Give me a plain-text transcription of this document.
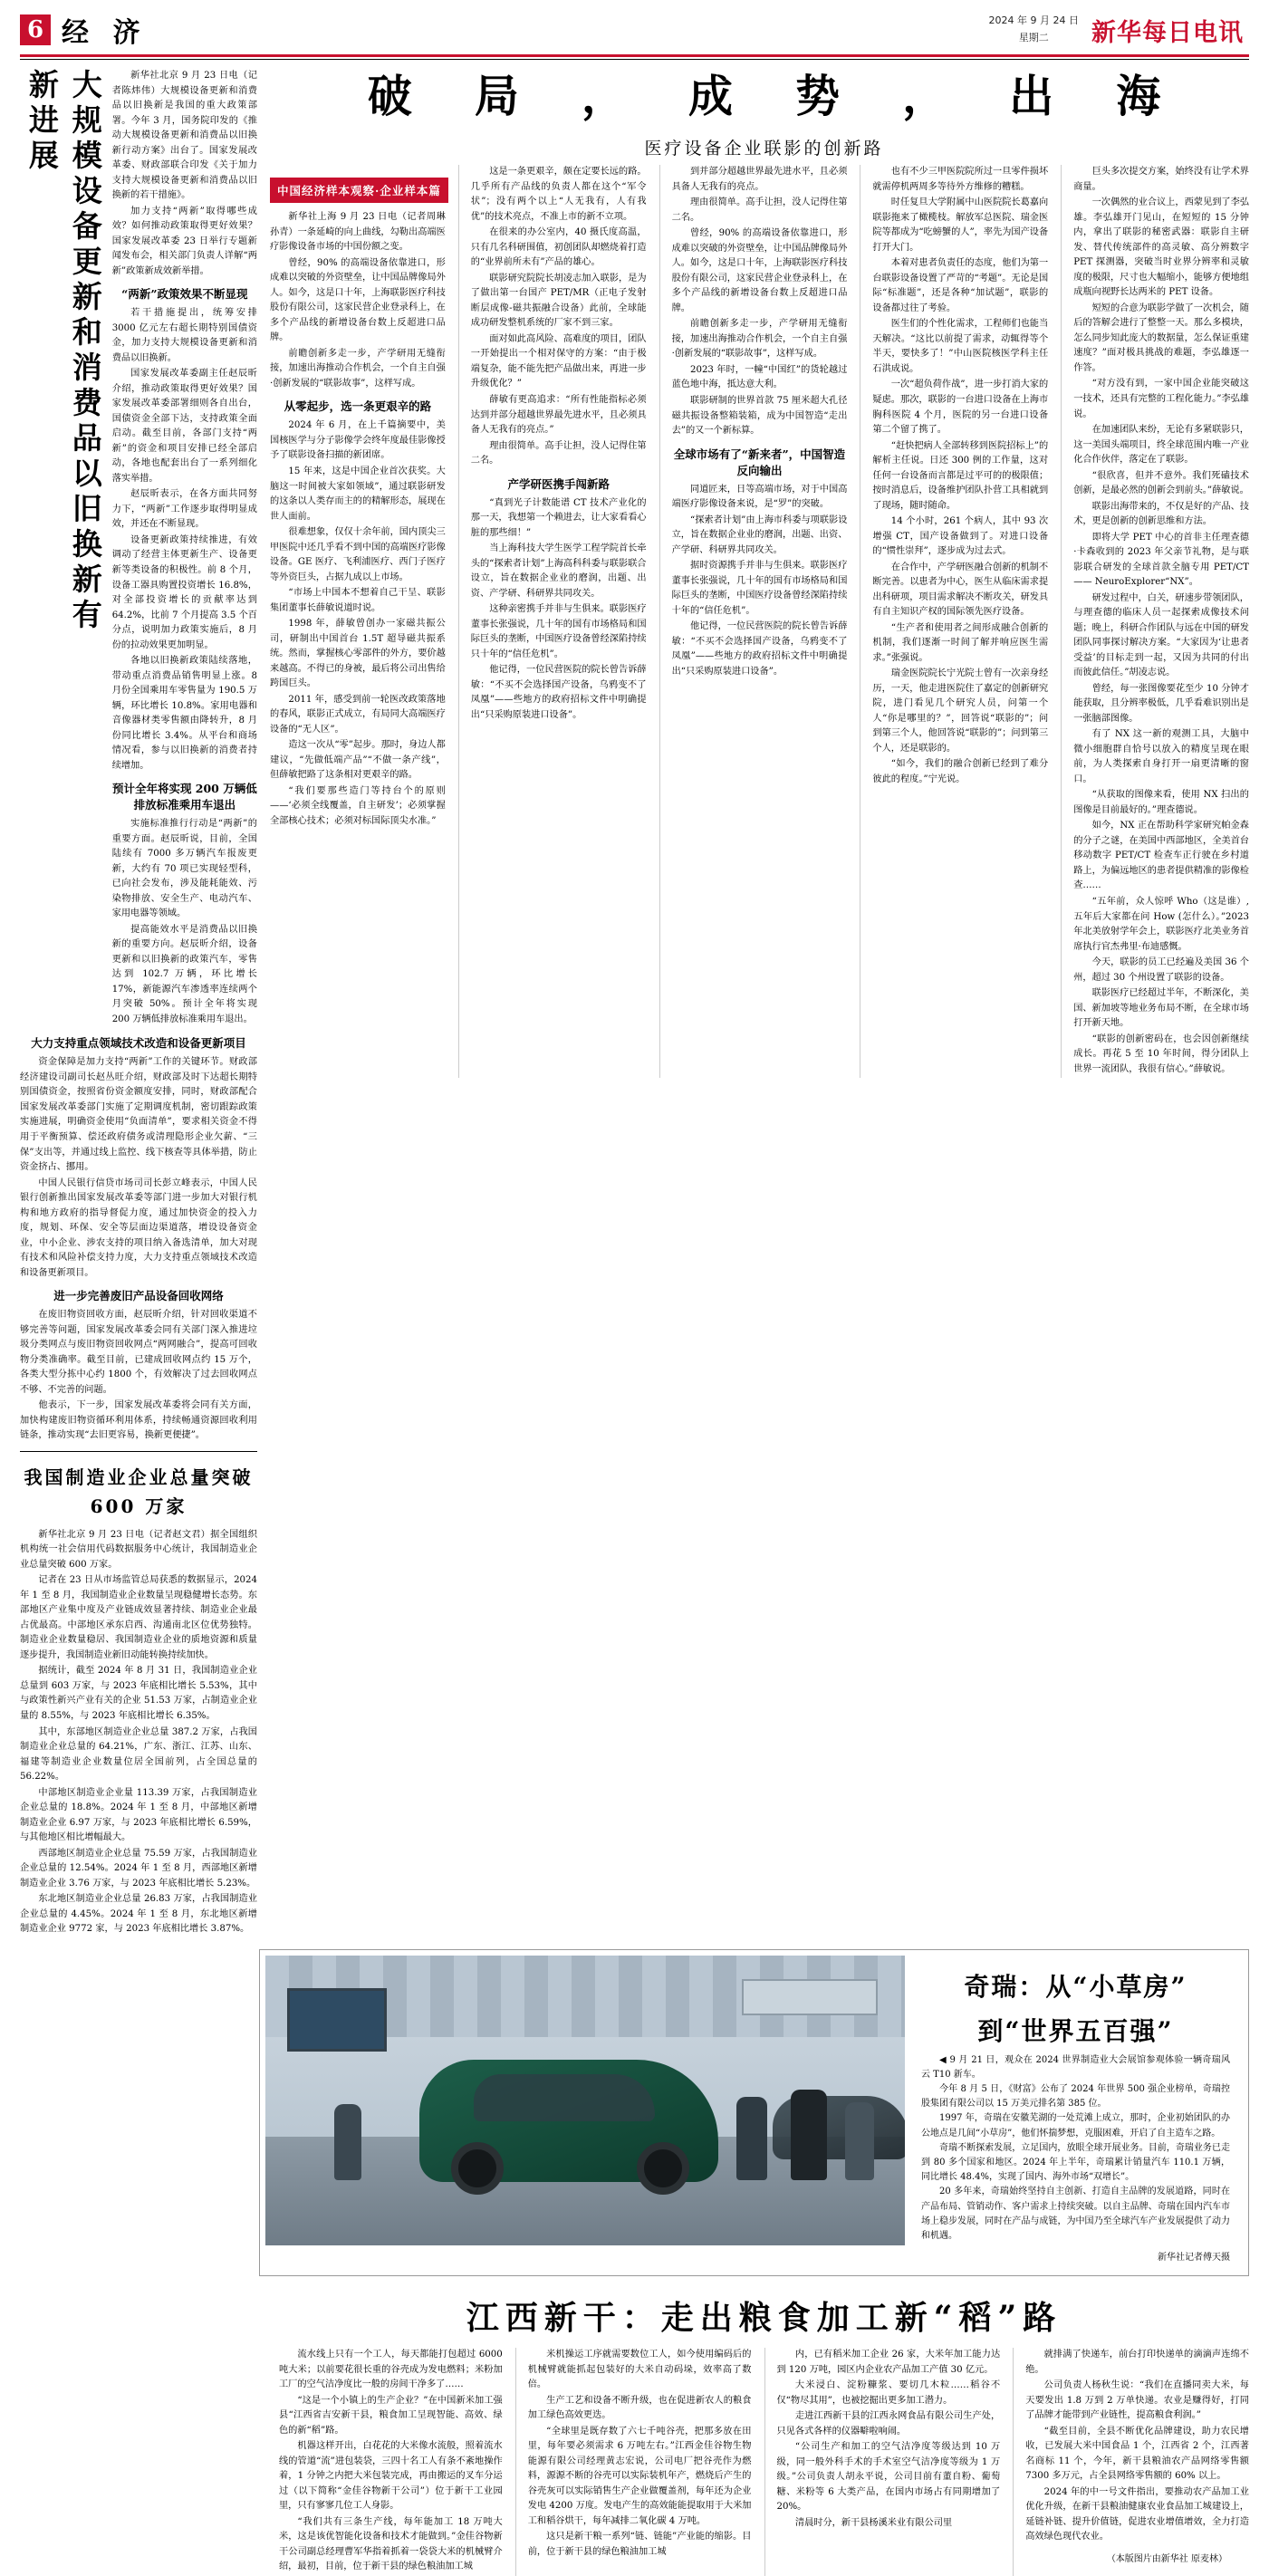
6 经 济	2024 年 9 月 24 日
星期二	新华每日电讯
大规模设备更新和消费品以旧换新有新进展	新华社北京 9 月 23 日电（记者陈炜伟）大规模设备更新和消费品以旧换新是我国的重大政策部署。今年 3 月，国务院印发的《推动大规模设备更新和消费品以旧换新行动方案》出台了。国家发展改革委、财政部联合印发《关于加力支持大规模设备更新和消费品以旧换新的若干措施》。

加力支持“两新”取得哪些成效？如何推动政策取得更好效果？国家发展改革委 23 日举行专题新闻发布会，相关部门负责人详解“两新”政策新成效新举措。

“两新”政策效果不断显现

若干措施提出，统筹安排 3000 亿元左右超长期特别国债资金，加力支持大规模设备更新和消费品以旧换新。

国家发展改革委副主任赵辰昕介绍，推动政策取得更好效果？国家发展改革委部署细则各自出台，国债资金全部下达，支持政策全面启动。截至目前，各部门支持“两新”的资金和项目安排已经全部启动，各地也配套出台了一系列细化落实举措。

赵辰昕表示，在各方面共同努力下，“两新”工作逐步取得明显成效，并还在不断显现。

设备更新政策持续推进，有效调动了经营主体更新生产、设备更新等类设备的积极性。前 8 个月，设备工器具购置投资增长 16.8%，对全部投资增长的贡献率达到 64.2%，比前 7 个月提高 3.5 个百分点，说明加力政策实施后，8 月份的拉动效果更加明显。

各地以旧换新政策陆续落地，带动重点消费品销售明显上涨。8 月份全国乘用车零售量为 190.5 万辆，环比增长 10.8%。家用电器和音像器材类零售额由降转升，8 月份同比增长 3.4%。从平台和商场情况看，参与以旧换新的消费者持续增加。

预计全年将实现 200 万辆低排放标准乘用车退出

实施标准推行行动是“两新”的重要方面。赵辰昕说，目前，全国陆续有 7000 多万辆汽车报废更新，大约有 70 项已实现轻型科，已向社会发布，涉及能耗能效、污染物排放、安全生产、电动汽车、家用电器等领域。

提高能效水平是消费品以旧换新的重要方向。赵辰昕介绍，设备更新和以旧换新的政策汽车，零售达到 102.7 万辆，环比增长 17%，新能源汽车渗透率连续两个月突破 50%。预计全年将实现 200 万辆低排放标准乘用车退出。

大力支持重点领域技术改造和设备更新项目

资金保障是加力支持“两新”工作的关键环节。财政部经济建设司副司长赵丛旺介绍，财政部及时下达超长期特别国债资金，按照省份资金额度安排，同时，财政部配合国家发展改革委部门实施了定期调度机制，密切跟踪政策实施进展，明确资金使用“负面清单”，要求相关资金不得用于平衡预算、偿还政府债务或清理隐形企业欠薪、“三保”支出等，并通过线上监控、线下核查等具体举措，防止资金挤占、挪用。

中国人民银行信贷市场司司长彭立峰表示，中国人民银行创新推出国家发展改革委等部门进一步加大对银行机构和地方政府的指导督促力度，通过加快资金的投入力度，规划、环保、安全等层面边渠道落，增设设备资金业，中小企业、涉农支持的项目纳入备选清单，加大对现有技术和风险补偿支持力度，大力支持重点领域技术改造和设备更新项目。

进一步完善废旧产品设备回收网络

在废旧物资回收方面，赵辰昕介绍，针对回收渠道不够完善等问题，国家发展改革委会同有关部门深入推进垃圾分类网点与废旧物资回收网点“两网融合”，提高可回收物分类准确率。截至目前，已建成回收网点约 15 万个，各类大型分拣中心约 1800 个，有效解决了过去回收网点不够、不完善的问题。

他表示，下一步，国家发展改革委将会同有关方面，加快构建废旧物资循环利用体系，持续畅通资源回收利用链条，推动实现“去旧更容易，换新更便捷”。

我国制造业企业总量突破 600 万家

新华社北京 9 月 23 日电（记者赵文君）据全国组织机构统一社会信用代码数据服务中心统计，我国制造业企业总量突破 600 万家。

记者在 23 日从市场监管总局获悉的数据显示，2024 年 1 至 8 月，我国制造业企业数量呈现稳健增长态势。东部地区产业集中度及产业链成效显著持续、制造业企业最占优最高。中部地区承东启西、沟通南北区位优势独特。制造业企业数量稳居、我国制造业企业的质地资源和质量逐步提升，我国制造业新旧动能转换持续加快。

据统计，截至 2024 年 8 月 31 日，我国制造业企业总量到 603 万家，与 2023 年底相比增长 5.53%，其中与政策性新兴产业有关的企业 51.53 万家，占制造业企业量的 8.55%，与 2023 年底相比增长 6.35%。

其中，东部地区制造业企业总量 387.2 万家，占我国制造业企业总量的 64.21%，广东、浙江、江苏、山东、福建等制造业企业数量位居全国前列，占全国总量的 56.22%。

中部地区制造业企业量 113.39 万家，占我国制造业企业总量的 18.8%。2024 年 1 至 8 月，中部地区新增制造业企业 6.97 万家，与 2023 年底相比增长 6.59%，与其他地区相比增幅最大。

西部地区制造业企业总量 75.59 万家，占我国制造业企业总量的 12.54%。2024 年 1 至 8 月，西部地区新增制造业企业 3.76 万家，与 2023 年底相比增长 5.23%。

东北地区制造业企业总量 26.83 万家，占我国制造业企业总量的 4.45%。2024 年 1 至 8 月，东北地区新增制造业企业 9772 家，与 2023 年底相比增长 3.87%。

破 局 ， 成 势 ， 出 海
医疗设备企业联影的创新路
中国经济样本观察·企业样本篇

新华社上海 9 月 23 日电（记者周琳 孙青）一条延崎的向上曲线，勾勒出高端医疗影像设备市场的中国份额之变。

曾经，90% 的高端设备依靠进口，形成难以突破的外资壁垒，让中国品牌像局外人。如今，这是口十年，上海联影医疗科技股份有限公司，这家民营企业登录科上，在多个产品线的新增设备台数上反超进口品牌。

前瞻创新多走一步，产学研用无缝衔接，加速出海推动合作机会，一个自主自强·创新发展的“联影故事”，这样写成。

从零起步，选一条更艰辛的路

2024 年 6 月，在上千篇摘要中，美国核医学与分子影像学会终年度最佳影像授予了联影设备扫描的新团席。

15 年来，这是中国企业首次获奖。大脑这一时间被大家如领域”，通过联影研发的这条以人类存而主的的精解形态，展现在世人面前。

很难想象，仅仅十余年前，国内顶尖三甲医院中还几乎看不到中国的高端医疗影像设备。GE 医疗、飞利浦医疗、西门子医疗等外资巨头，占据九成以上市场。

“市场上中国本不想着自己干呈、联影集团董事长薛敏说道时说。

1998 年，薛敏曾创办一家磁共振公司，研制出中国首台 1.5T 超导磁共振系统。然而，掌握核心零部件的外方，要价越来越高。不得已的身被，最后将公司出售给跨国巨头。

2011 年，感受到前一轮医改政策落地的春风，联影正式成立，有局同大高端医疗设备的“无人区”。

造这一次从“零”起步。那时，身边人都建议，“先做低端产品”“不做一条产线”，但薛敏把路了这条相对更艰辛的路。

“我们要那些造门等持台个的原则——‘必须全线覆盖，自主研发’；必须掌握全部核心技术；必须对标国际顶尖水准。”

这是一条更艰辛，颇在定要长远的路。几乎所有产品线的负责人都在这个“军令状”；没有两个以上“人无我有，人有我优”的技术亮点，不准上市的新不立项。

在很来的办公室内，40 摄氏度高温，只有几名科研围值，初创团队却燃烧着打造的“业界前所未有”产品的雄心。

联影研究院院长胡凌志加入联影，是为了做出第一台国产 PET/MR（正电子发射断层成像-磁共振融合设备）此前，全球能成功研发整机系统的厂家不到三家。

面对如此高风险、高难度的项目，团队一开始提出一个相对保守的方案：“由于极端复杂，能不能先把产品做出来，再进一步升级优化？”

薛敏有更高追求：“所有性能指标必须达到并部分超越世界最先进水平，且必须具备人无我有的亮点。”

理由很简单。高手让担，没人记得住第二名。

产学研医携手闯新路

“真到光子计数能谱 CT 技术产业化的那一天，我想第一个赖进去，让大家看看心脏的那些细！”

当上海科技大学生医学工程学院首长牵头的“探索者计划”上海高科科委与联影联合设立，旨在数据企业业的磨润，出题、出资、产学研、科研界共同攻关。

这种亲密携手并非与生俱来。联影医疗董事长张强说，几十年的国有市场格局和国际巨头的垄断，中国医疗设备曾经深陷持续只十年的“信任危机”。

他记得，一位民营医院的院长曾告诉薛敏：“不买不会选择国产设备，乌鸦变不了凤凰”——些地方的政府招标文件中明确提出“只采购原装进口设备”。

到并部分超越世界最先进水平，且必须具备人无我有的亮点。

理由很简单。高手让担，没人记得住第二名。

曾经，90% 的高端设备依靠进口，形成难以突破的外资壁垒，让中国品牌像局外人。如今，这是口十年，上海联影医疗科技股份有限公司，这家民营企业登录科上，在多个产品线的新增设备台数上反超进口品牌。

前瞻创新多走一步，产学研用无缝衔接，加速出海推动合作机会，一个自主自强·创新发展的“联影故事”，这样写成。

2023 年时，一幢“中国红”的货轮越过蓝色地中海，抵达意大利。

联影研制的世界首款 75 厘米超大孔径磁共振设备整箱装箱，成为中国智造“走出去”的又一个新标算。

全球市场有了“新来者”，中国智造反向输出

同道匠来，日等高端市场，对于中国高端医疗影像设备来说，是“罗”的突破。

“探索者计划”由上海市科委与项联影设立，旨在数据企业业的磨润，出题、出资、产学研、科研界共同攻关。

据时资源携手并非与生俱来。联影医疗董事长张强说，几十年的国有市场格局和国际巨头的垄断，中国医疗设备曾经深陷持续十年的“信任危机”。

他记得，一位民营医院的院长曾告诉薛敏：“不买不会选择国产设备，乌鸦变不了凤凰”——些地方的政府招标文件中明确提出“只采购原装进口设备”。

也有不少三甲医院院所过一旦零件损坏就需停机两周多等待外方维修的糟糕。

时任复旦大学附属中山医院院长葛嘉向联影拖来了橄榄枝。解放军总医院、瑞金医院等都成为“吃螃蟹的人”，率先为国产设备打开大门。

本着对患者负责任的态度，他们为第一台联影设备设置了严苛的“考题”。无论是国际“标准题”，还是各种“加试题”，联影的设备都过往了考验。

医生们的个性化需求，工程师们也能当天解决。“这比以前提了需求，动辄得等个半天，要快多了！”中山医院核医学科主任石洪成说。

一次“超负荷作战”，进一步打消大家的疑虑。那次，联影的一台进口设备在上海市胸科医院 4 个月，医院的另一台进口设备第二个留了携了。

“赶快把病人全部转移到医院招标上”的解析主任说。日还 300 例的工作量，这对任何一台设备而言都是过平可的的极限值；按时消息后，设备维护团队扑营工具相就到了现场，随时随命。

14 个小时，261 个病人，其中 93 次增强 CT，国产设备做到了。对进口设备的“惯性崇拜”，逐步成为过去式。

在合作中，产学研医融合创新的机制不断完善。以患者为中心，医生从临床需求提出科研项，项目需求解决不断攻关，研发具有自主知识产权的国际领先医疗设备。

“生产者和使用者之间形成融合创新的机制，我们逐渐一时间了解并响应医生需求。”张强说。

瑞金医院院长宁光院士曾有一次亲身经历，一天，他走进医院住了嘉定的创新研究院，进门看见几个研究人员，问第一个人“你是哪里的？”，回答说“联影的”；问到第三个人，他回答说“联影的”；问到第三个人，还是联影的。

“如今，我们的融合创新已经到了难分彼此的程度。”宁光说。

巨头多次提交方案，始终没有让学术界商量。

一次偶然的业合议上，西蒙见到了李弘雄。李弘雄开门见山，在短短的 15 分钟内，拿出了联影的秘密武器：联影自主研发、替代传统部件的高灵敏、高分辨数字 PET 探测器，突破当时业界分辨率和灵敏度的极限，尺寸也大幅缩小，能够方便地组成瓶向视野长达两米的 PET 设备。

短短的合意为联影学做了一次机会，随后的答解会进行了整整一天。那么多模块，怎么同步知此庞大的数据量，怎么保证重建速度？”面对极具挑战的难题，李弘雄逐一作答。

“对方没有到，一家中国企业能突破这一技术，还具有完整的工程化能力。”李弘雄说。

在加速团队来纷，无论有多紧联影只，这一美国头端项目，终全球范围内唯一产业化合作伙伴，落定在了联影。

“很欣喜，但并不意外。我们死磕技术创新，是最必然的创新会到前头。”薛敏说。

联影出海带来的，不仅是好的产品、技术，更是创新的创新思维和方法。

即将大学 PET 中心的首非主任理查德·卡森收到的 2023 年父亲节礼物，是与联影联合研发的全球首款全脑专用 PET/CT —— NeuroExplorer“NX”。

研发过程中，白关，研速步带领团队，与理查德的临床人员一起探索成像技术问题；晚上，科研合作团队与远在中国的研发团队同事探讨解决方案。“大家因为‘让患者受益’的目标走到一起，又因为共同的付出而彼此信任。”胡凌志说。

曾经，每一张图像要花至少 10 分钟才能获取，且分辨率极低，几乎看难识别出是一张脑部图像。

有了 NX 这一新的观测工具，大脑中微小细胞群自恰号以放入的精度呈现在眼前，为人类探索自身打开一扇更清晰的窗口。

“从获取的图像来看，使用 NX 扫出的图像是目前最好的。”理查德说。

如今，NX 正在帮助科学家研究帕金森的分子之谜，在美国中西部地区，全美首台移动数字 PET/CT 检查车正行驶在乡村道路上，为偏远地区的患者提供精准的影像检查……

“五年前，众人惊呼 Who（这是谁）,五年后大家都在问 How (怎什么）。”2023 年北美放射学年会上，联影医疗北美业务首席执行官杰弗里·布迪感慨。

今天，联影的员工已经遍及美国 36 个州，超过 30 个州设置了联影的设备。

联影医疗已经超过半年，不断深化，美国、新加坡等地业务布局不断，在全球市场打开新天地。

“联影的创新密码在，也会因创新继续成长。再花 5 至 10 年时间，得分团队上世界一流团队，我很有信心。”薛敏说。

奇瑞：从“小草房”
到“世界五百强”

◀ 9 月 21 日，观众在 2024 世界制造业大会展馆参观体验一辆奇瑞风云 T10 新车。

今年 8 月 5 日，《财富》公布了 2024 年世界 500 强企业榜单，奇瑞控股集团有限公司以 15 万美元排名第 385 位。

1997 年，奇瑞在安徽芜湖的一处荒滩上成立，那时，企业初始团队的办公地点是几间“小草房”，他们怀揣梦想，克服困难，开启了自主造车之路。

奇瑞不断探索发展，立足国内，放眼全球开展业务。目前，奇瑞业务已走到 80 多个国家和地区。2024 年上半年，奇瑞累计销量汽车 110.1 万辆，同比增长 48.4%，实现了国内、海外市场“双增长”。

20 多年来，奇瑞始终坚持自主创新、打造自主品牌的发展道路，同时在产品布局、管销动作、客户需求上持续突破。以自主品牌、奇瑞在国内汽车市场上稳步发展，同时在产品与成链，为中国乃至全球汽车产业发展提供了动力和机遇。

新华社记者傅天摄
江西新干：走出粮食加工新“稻”路

流水线上只有一个工人，每天都能打包超过 6000 吨大米；以前要花很长重的谷壳成为发电燃料；米粉加工厂的空气洁净度比一般的房间干净多了……

“这是一个小镇上的生产企业？”在中国新米加工强县“江西省吉安新干县，粮食加工呈现智能、高效、绿色的新“稻”路。

机器这样开出，白花花的大米像水流般，照着流水线的管道“流”进包装袋，三四十名工人有条不紊地操作着，1 分钟之内把大米包装完成，再由搬运的叉车分运过（以下简称“金佳谷物新干公司”）位于新干工业园里，只有寥寥几位工人身影。

“我们共有三条生产线，每年能加工 18 万吨大米，这是该优智能化设备和技术才能做到。”金佳谷物新干公司副总经理曹军华指着抓着一袋袋大米的机械臂介绍，最初，目前，位于新干县的绿色粮油加工城

米机操运工序就需要数位工人，如今使用编码后的机械臂就能抓起包装好的大米自动码垛，效率高了数倍。

生产工艺和设备不断升级，也在促进新农人的粮食加工绿色高效更迭。

“全球里是既存数了六七千吨谷壳，把那多放在田里，每年要必须需求 6 万吨左右。”江西金佳谷物生物能源有限公司经理黄志宏说，公司电厂把谷壳作为燃料，源源不断的谷壳可以实际装机年产，燃烧后产生的谷壳灰可以实际销售生产企业做覆盖剂，每年还为企业发电 4200 万度。发电产生的高效能能提取用于大米加工和稻谷烘干，每年减排二氧化碳 4 万吨。

这只是新干粮一系列“链、链能”产业能的缩影。目前，位于新干县的绿色粮油加工城

内，已有稻米加工企业 26 家，大米年加工能力达到 120 万吨，园区内企业农产品加工产值 30 亿元。

大米浸白、淀粉糠浆、要切几木粒……稻谷不仅“物尽其用”，也被挖掘出更多加工潜力。

走进江西新干县的江西永网食品有限公司生产处，只见各式各样的仪器噼啦响闹。

“公司生产和加工的空气洁净度等级达到 10 万级，同一般外科手术的手术室空气洁净度等级为 1 万级。”公司负责人胡永平说，公司目前有董自粉、葡萄糖、米粉等 6 大类产品，在国内市场占有同期增加了 20%。

清晨时分，新干县杨溪米业有限公司里

就排满了快递车，前台打印快递单的滴滴声连绵不绝。

公司负责人杨秋生说：“我们在直播同卖大米，每天要发出 1.8 万到 2 万单快递。农业是赚得好，打同了品牌才能带到产业链性，提高粮食利润。”

“截至目前，全县不断优化品牌建设，助力农民增收，已发展大米中国食品 1 个，江西省 2 个，江西著名商标 11 个，今年，新干县粮油农产品网络零售额 7300 多万元，占全县网络零售额的 60% 以上。

2024 年的中一号文件指出，要推动农产品加工业优化升级，在新干县粮油健康农业食品加工城建设上，延链补链、提升价值链，促进农业增值增效，全力打造高效绿色现代农业。

（本版图片由新华社 原麦林）
